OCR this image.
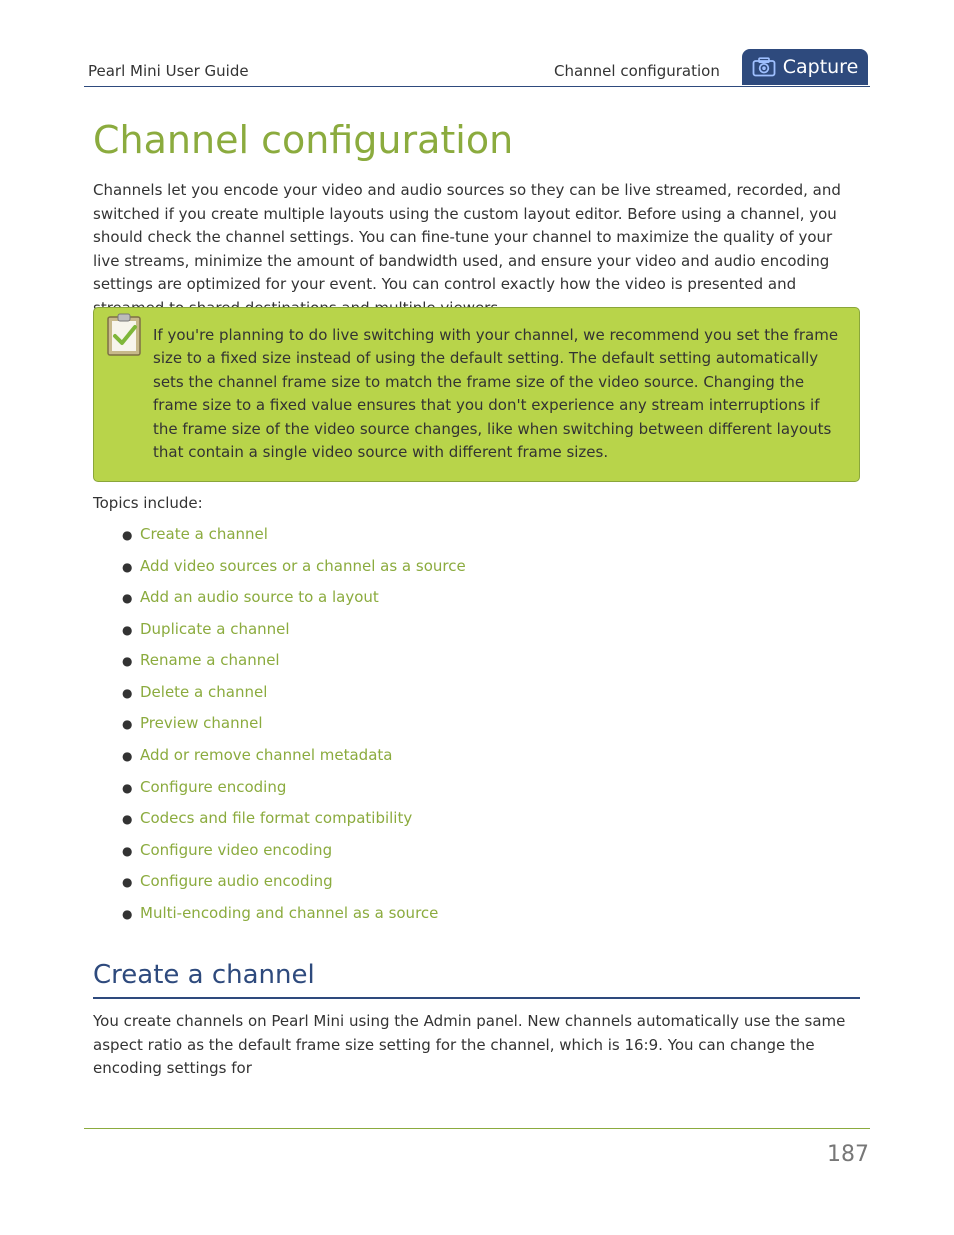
Pearl Mini User Guide	Channel configuration	Capture
Channel configuration

Channels let you encode your video and audio sources so they can be live streamed, recorded, and switched if you create multiple layouts using the custom layout editor. Before using a channel, you should check the channel settings. You can fine-tune your channel to maximize the quality of your live streams, minimize the amount of bandwidth used, and ensure your video and audio encoding settings are optimized for your event. You can control exactly how the video is presented and

If you're planning to do live switching with your channel, we recommend you set the frame size to a fixed size instead of using the default setting. The default setting automatically sets the channel frame size to match the frame size of the video source. Changing the frame size to a fixed value ensures that you don't experience any stream interruptions if the frame size of the video source changes, like when switching between different layouts that contain a single video source with different frame sizes.

Topics include:

● Create a channel
● Add video sources or a channel as a source
● Add an audio source to a layout
● Duplicate a channel
● Rename a channel
● Delete a channel
● Preview channel
● Add or remove channel metadata
● Configure encoding
● Codecs and file format compatibility
● Configure video encoding
● Configure audio encoding
● Multi-encoding and channel as a source
Create a channel

You create channels on Pearl Mini using the Admin panel. New channels automatically use the same aspect ratio as the default frame size setting for the channel, which is 16:9. You can change the encoding settings for

187
